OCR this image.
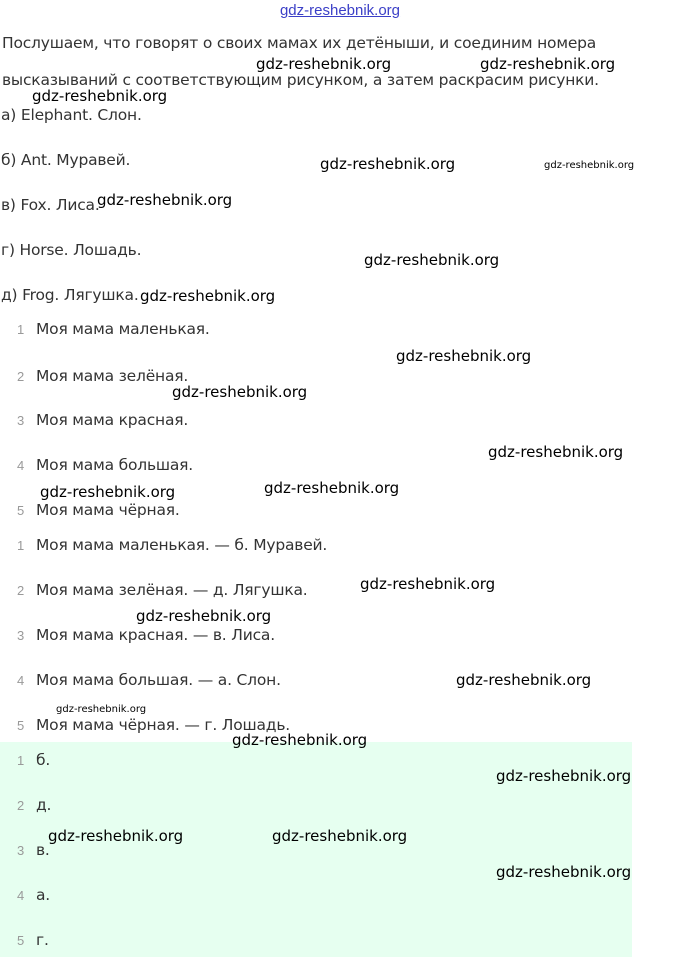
gdz-reshebnik.org
Послушаем, что говорят о своих мамах их детёныши, и соединим номера
высказываний с соответствующим рисунком, а затем раскрасим рисунки.
а) Elephant. Слон.
б) Ant. Муравей.
в) Fox. Лиса.
г) Horse. Лошадь.
д) Frog. Лягушка.
1 Моя мама маленькая.
2 Моя мама зелёная.
3 Моя мама красная.
4 Моя мама большая.
5 Моя мама чёрная.
1 Моя мама маленькая. — б. Муравей.
2 Моя мама зелёная. — д. Лягушка.
3 Моя мама красная. — в. Лиса.
4 Моя мама большая. — а. Слон.
5 Моя мама чёрная. — г. Лошадь.
1 б.
2 д.
3 в.
4 а.
5 г.
gdz-reshebnik.org	gdz-reshebnik.org
gdz-reshebnik.org
gdz-reshebnik.org	gdz-reshebnik.org
gdz-reshebnik.org
gdz-reshebnik.org
gdz-reshebnik.org
gdz-reshebnik.org
gdz-reshebnik.org
gdz-reshebnik.org
gdz-reshebnik.org
gdz-reshebnik.org
gdz-reshebnik.org
gdz-reshebnik.org
gdz-reshebnik.org
gdz-reshebnik.org
gdz-reshebnik.org
gdz-reshebnik.org
gdz-reshebnik.org	gdz-reshebnik.org
gdz-reshebnik.org
